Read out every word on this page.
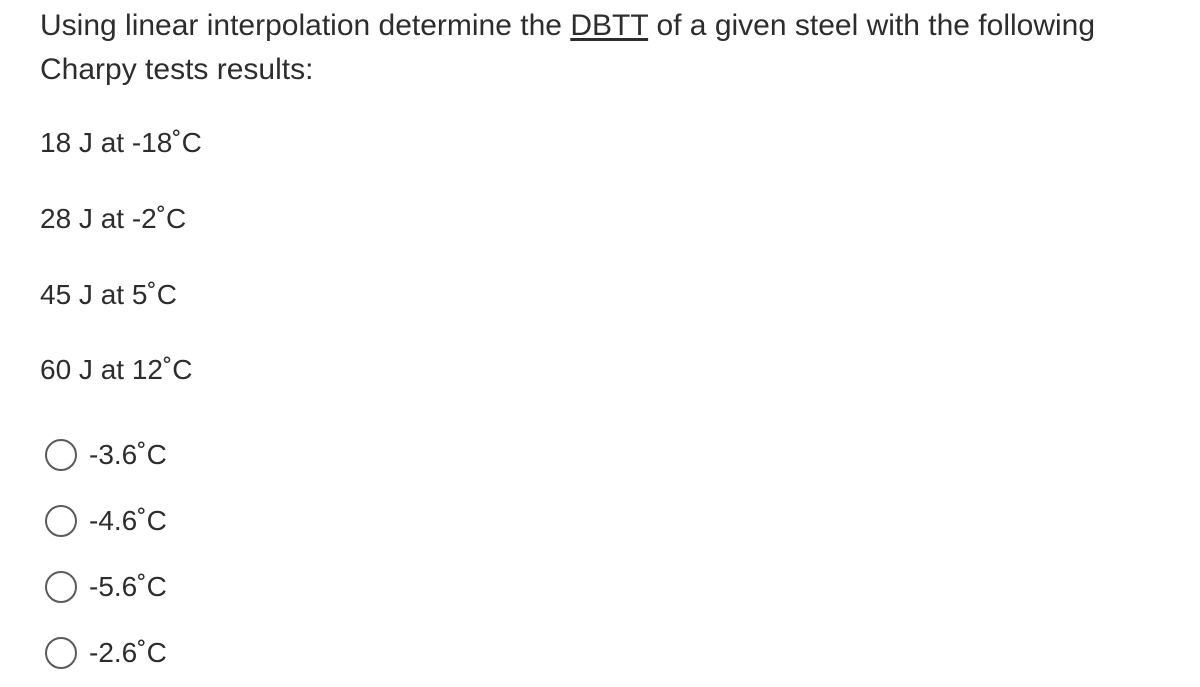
Using linear interpolation determine the DBTT of a given steel with the following Charpy tests results:

18 J at -18˚C

28 J at -2˚C

45 J at 5˚C

60 J at 12˚C

-3.6˚C
-4.6˚C
-5.6˚C
-2.6˚C
